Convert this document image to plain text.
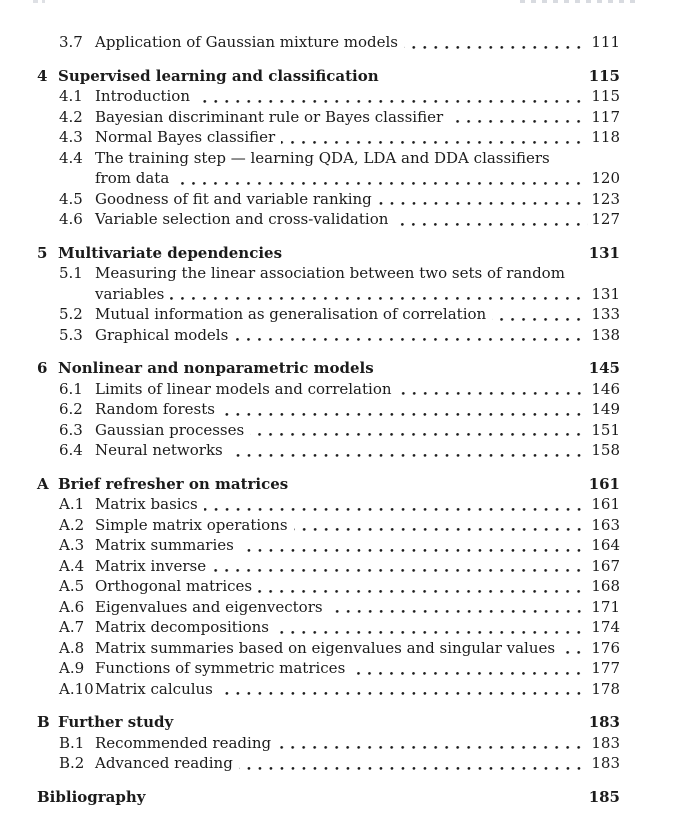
3.7 Application of Gaussian mixture models	111
4 Supervised learning and classification	115
4.1 Introduction	115
4.2 Bayesian discriminant rule or Bayes classifier	117
4.3 Normal Bayes classifier	118
4.4 The training step — learning QDA, LDA and DDA classifiers
from data	120
4.5 Goodness of fit and variable ranking	123
4.6 Variable selection and cross-validation	127
5 Multivariate dependencies	131
5.1 Measuring the linear association between two sets of random
variables	131
5.2 Mutual information as generalisation of correlation	133
5.3 Graphical models	138
6 Nonlinear and nonparametric models	145
6.1 Limits of linear models and correlation	146
6.2 Random forests	149
6.3 Gaussian processes	151
6.4 Neural networks	158
A Brief refresher on matrices	161
A.1 Matrix basics	161
A.2 Simple matrix operations	163
A.3 Matrix summaries	164
A.4 Matrix inverse	167
A.5 Orthogonal matrices	168
A.6 Eigenvalues and eigenvectors	171
A.7 Matrix decompositions	174
A.8 Matrix summaries based on eigenvalues and singular values 176
A.9 Functions of symmetric matrices	177
A.10 Matrix calculus	178
B Further study	183
B.1 Recommended reading	183
B.2 Advanced reading	183
Bibliography	185
